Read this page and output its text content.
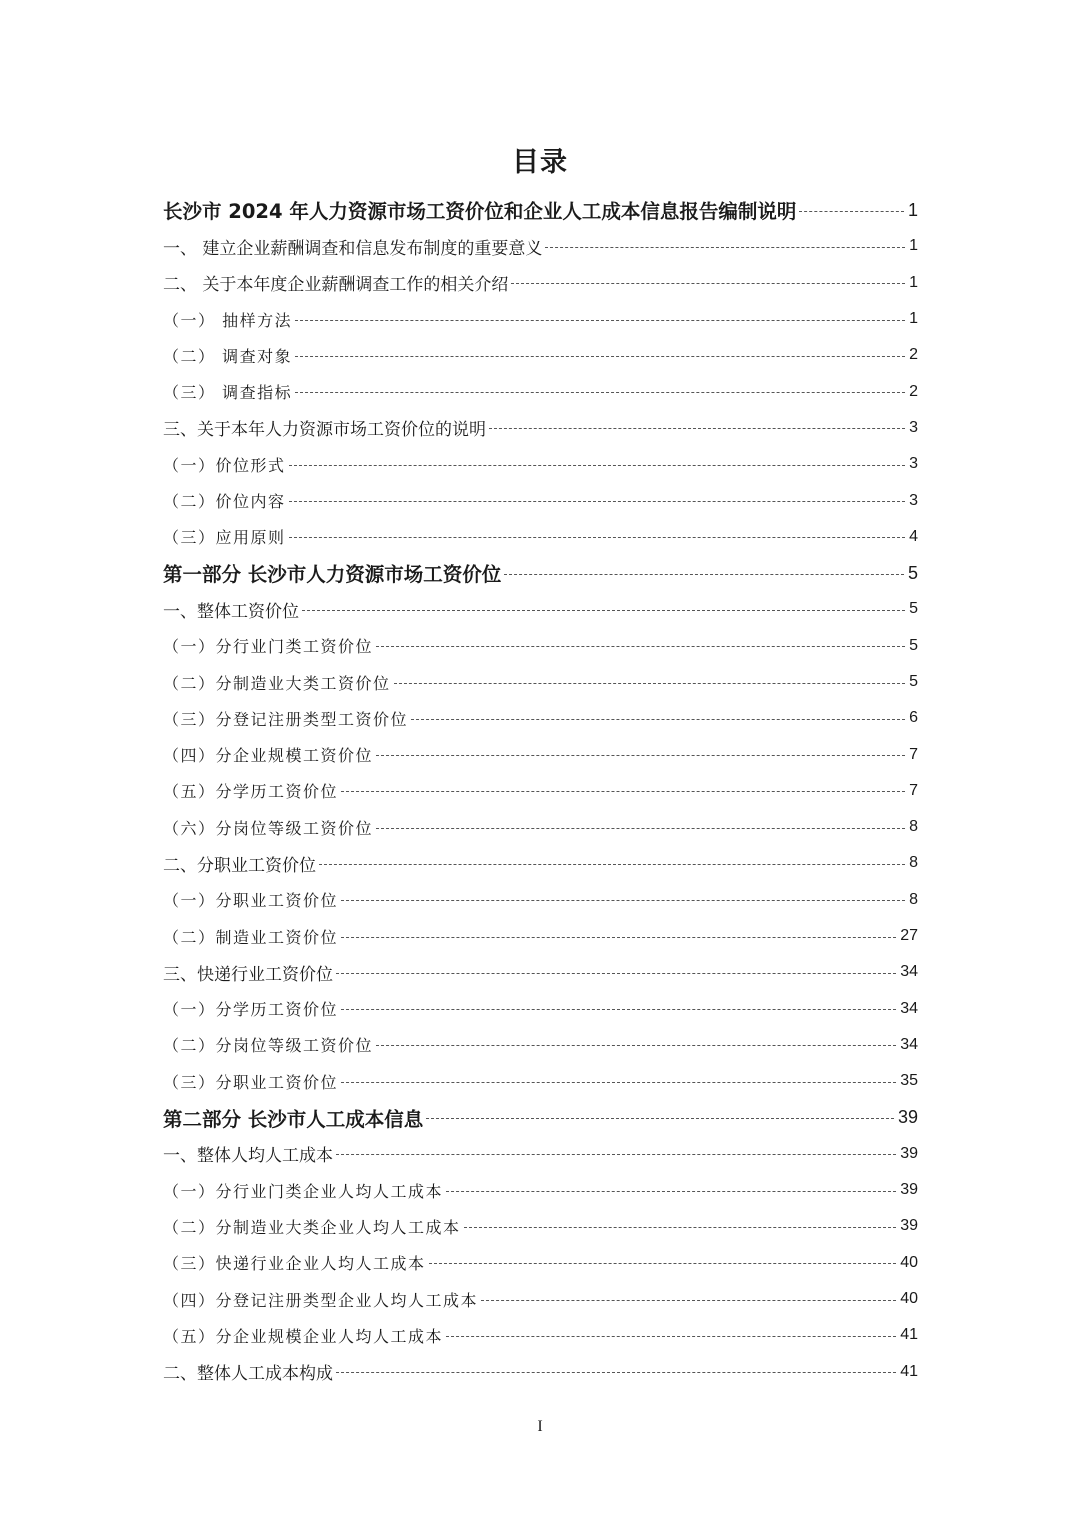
目录
长沙市 2024 年人力资源市场工资价位和企业人工成本信息报告编制说明	1
一、 建立企业薪酬调查和信息发布制度的重要意义	1
二、 关于本年度企业薪酬调查工作的相关介绍	1
（一） 抽样方法	1
（二） 调查对象	2
（三） 调查指标	2
三、关于本年人力资源市场工资价位的说明	3
（一）价位形式	3
（二）价位内容	3
（三）应用原则	4
第一部分 长沙市人力资源市场工资价位	5
一、整体工资价位	5
（一）分行业门类工资价位	5
（二）分制造业大类工资价位	5
（三）分登记注册类型工资价位	6
（四）分企业规模工资价位	7
（五）分学历工资价位	7
（六）分岗位等级工资价位	8
二、分职业工资价位	8
（一）分职业工资价位	8
（二）制造业工资价位	27
三、快递行业工资价位	34
（一）分学历工资价位	34
（二）分岗位等级工资价位	34
（三）分职业工资价位	35
第二部分 长沙市人工成本信息	39
一、整体人均人工成本	39
（一）分行业门类企业人均人工成本	39
（二）分制造业大类企业人均人工成本	39
（三）快递行业企业人均人工成本	40
（四）分登记注册类型企业人均人工成本	40
（五）分企业规模企业人均人工成本	41
二、整体人工成本构成	41
I
